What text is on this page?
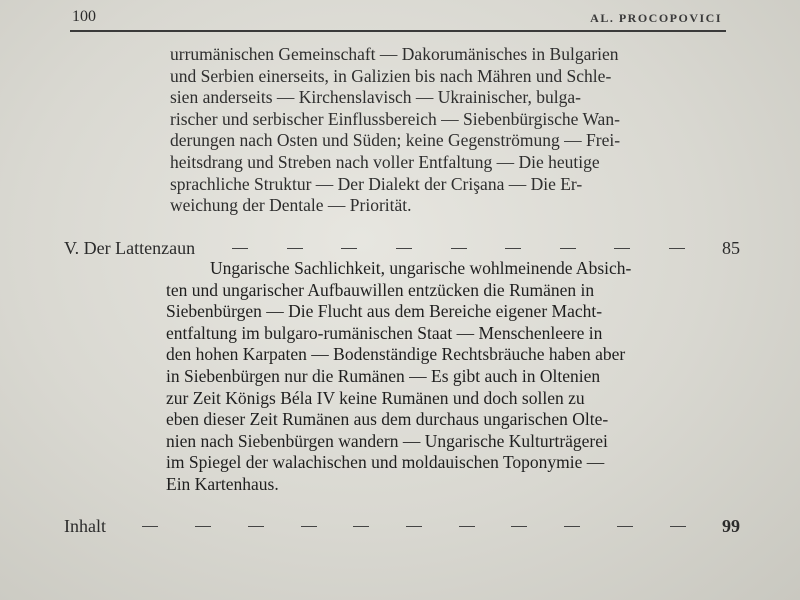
100	AL. PROCOPOVICI
urrumänischen Gemeinschaft — Dakorumänisches in Bulgarien
und Serbien einerseits, in Galizien bis nach Mähren und Schle-
sien anderseits — Kirchenslavisch — Ukrainischer, bulga-
rischer und serbischer Einflussbereich — Siebenbürgische Wan-
derungen nach Osten und Süden; keine Gegenströmung — Frei-
heitsdrang und Streben nach voller Entfaltung — Die heutige
sprachliche Struktur — Der Dialekt der Crişana — Die Er-
weichung der Dentale — Priorität.
V. Der Lattenzaun	85
Ungarische Sachlichkeit, ungarische wohlmeinende Absich-
ten und ungarischer Aufbauwillen entzücken die Rumänen in
Siebenbürgen — Die Flucht aus dem Bereiche eigener Macht-
entfaltung im bulgaro-rumänischen Staat — Menschenleere in
den hohen Karpaten — Bodenständige Rechtsbräuche haben aber
in Siebenbürgen nur die Rumänen — Es gibt auch in Oltenien
zur Zeit Königs Béla IV keine Rumänen und doch sollen zu
eben dieser Zeit Rumänen aus dem durchaus ungarischen Olte-
nien nach Siebenbürgen wandern — Ungarische Kulturträgerei
im Spiegel der walachischen und moldauischen Toponymie —
Ein Kartenhaus.
Inhalt	99
